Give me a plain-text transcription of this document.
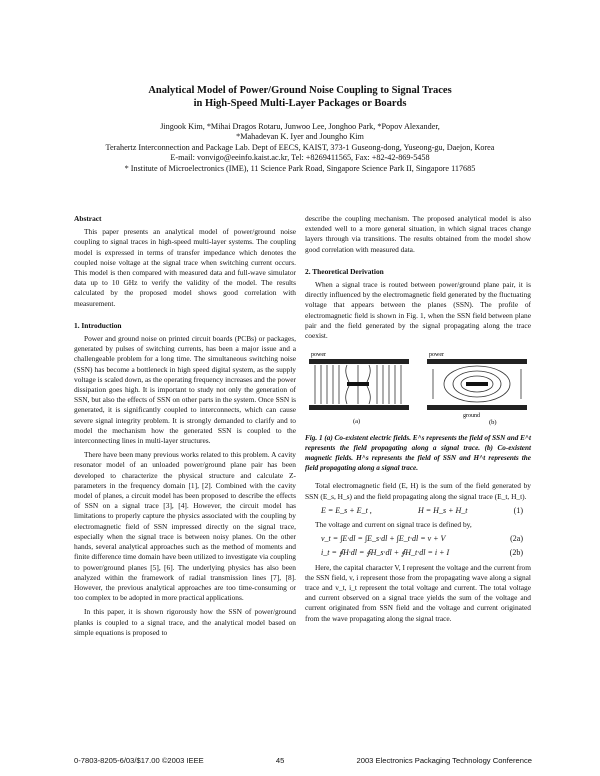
Analytical Model of Power/Ground Noise Coupling to Signal Traces
in High-Speed Multi-Layer Packages or Boards
Jingook Kim, *Mihai Dragos Rotaru, Junwoo Lee, Jonghoo Park, *Popov Alexander,
*Mahadevan K. Iyer and Joungho Kim
Terahertz Interconnection and Package Lab. Dept of EECS, KAIST, 373-1 Guseong-dong, Yuseong-gu, Daejon, Korea
E-mail: vonvigo@eeinfo.kaist.ac.kr, Tel: +8269411565, Fax: +82-42-869-5458
* Institute of Microelectronics (IME), 11 Science Park Road, Singapore Science Park II, Singapore 117685
Abstract

This paper presents an analytical model of power/ground noise coupling to signal traces in high-speed multi-layer systems. The coupling model is expressed in terms of transfer impedance which denotes the coupled noise voltage at the signal trace when switching current occurs. This model is then compared with measured data and full-wave simulator data up to 10 GHz to verify the validity of the model. The results calculated by the proposed model shows good correlation with measurement.

1. Introduction

Power and ground noise on printed circuit boards (PCBs) or packages, generated by pulses of switching currents, has been a major issue and a challengeable problem for a long time. The simultaneous switching noise (SSN) has become a bottleneck in high speed digital system, as the supply voltage is scaled down, as the operating frequency increases and the power dissipation goes high. It is important to study not only the generation of SSN, but also the effects of SSN on other parts in the system. Once SSN is generated, it is significantly coupled to interconnects, which can cause severe signal integrity problem. It is strongly demanded to clarify and to model the mechanism how the generated SSN is coupled to the interconnecting lines in multi-layer structures.

There have been many previous works related to this problem. A cavity resonator model of an unloaded power/ground plane pair has been developed to characterize the physical structure and calculate Z-parameters in the frequency domain [1], [2]. Combined with the cavity model of planes, a circuit model has been proposed to describe the effects of SSN on a signal trace [3], [4]. However, the circuit model has limitations to properly capture the physics associated with the coupling by electromagnetic field of SSN impressed directly on the signal trace, especially when the signal trace is between noisy planes. On the other hands, several analytical approaches such as the method of moments and finite difference time domain have been utilized to investigate via coupling to power/ground planes [5], [6]. The underlying physics has also been analyzed within the framework of radial transmission lines [7], [8]. However, the previous analytical approaches are too time-consuming or too complex to be adopted in more practical applications.

In this paper, it is shown rigorously how the SSN of power/ground planks is coupled to a signal trace, and the analytical model based on simple equations is proposed to

describe the coupling mechanism. The proposed analytical model is also extended well to a more general situation, in which signal traces change layers through via transitions. The results obtained from the model show good correlation with measured data.

2. Theoretical Derivation

When a signal trace is routed between power/ground plane pair, it is directly influenced by the electromagnetic field generated by the fluctuating voltage that appears between the planes (SSN). The profile of electromagnetic field is shown in Fig. 1, when the SSN field between plane pair and the field generated by the signal propagating along the trace coexist.

power
(a)
power
ground
(b)
Fig. 1 (a) Co-existent electric fields. E^s represents the field of SSN and E^t represents the field propagating along a signal trace. (b) Co-existent magnetic fields. H^s represents the field of SSN and H^t represents the field propagating along a signal trace.

Total electromagnetic field (E, H) is the sum of the field generated by SSN (E_s, H_s) and the field propagating along the signal trace (E_t, H_t).

E = E_s + E_t ,	H = H_s + H_t	(1)

The voltage and current on signal trace is defined by,

v_t = ∫E·dl = ∫E_s·dl + ∫E_t·dl = v + V	(2a)
i_t = ∮H·dl = ∮H_s·dl + ∮H_t·dl = i + I	(2b)

Here, the capital character V, I represent the voltage and the current from the SSN field, v, i represent those from the propagating wave along a signal trace and v_t, i_t represent the total voltage and current. The total voltage and current observed on a signal trace yields the sum of the voltage and current originated from SSN field and the voltage and current originated from the wave propagating along the signal trace.

0-7803-8205-6/03/$17.00 ©2003 IEEE	45	2003 Electronics Packaging Technology Conference
